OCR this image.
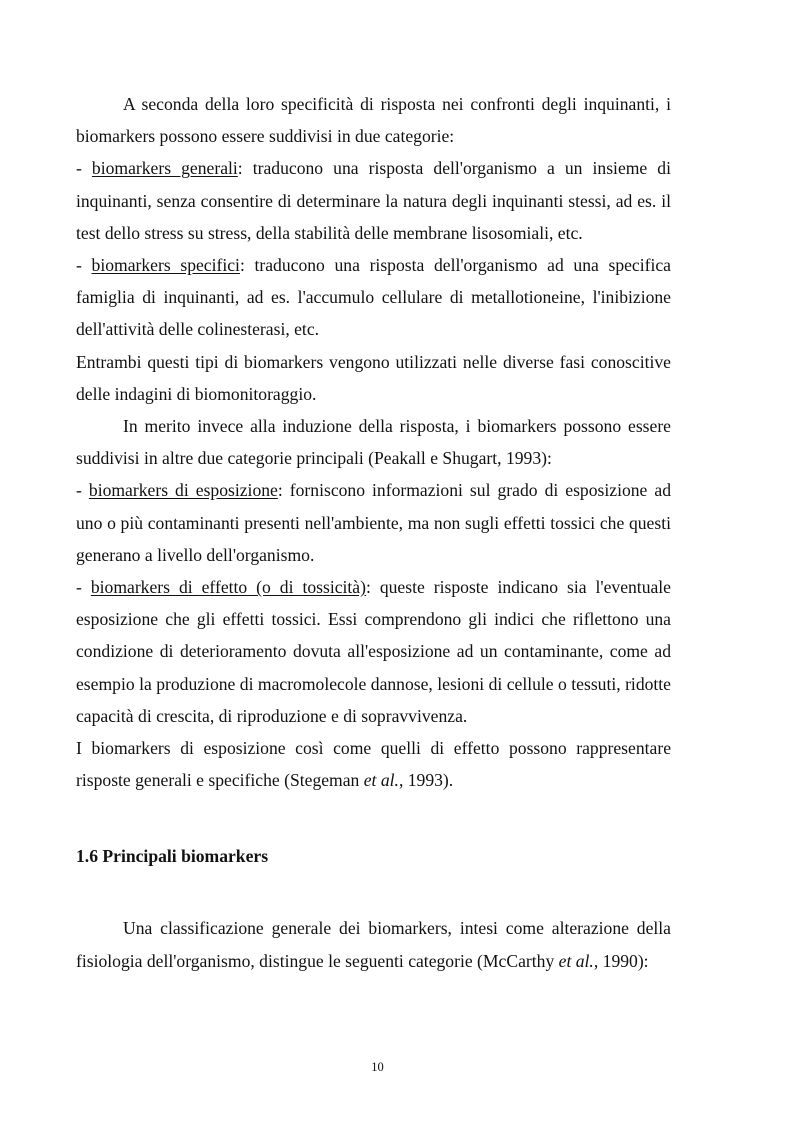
A seconda della loro specificità di risposta nei confronti degli inquinanti, i biomarkers possono essere suddivisi in due categorie:

- biomarkers generali: traducono una risposta dell'organismo a un insieme di inquinanti, senza consentire di determinare la natura degli inquinanti stessi, ad es. il test dello stress su stress, della stabilità delle membrane lisosomiali, etc.

- biomarkers specifici: traducono una risposta dell'organismo ad una specifica famiglia di inquinanti, ad es. l'accumulo cellulare di metallotioneine, l'inibizione dell'attività delle colinesterasi, etc.

Entrambi questi tipi di biomarkers vengono utilizzati nelle diverse fasi conoscitive delle indagini di biomonitoraggio.

In merito invece alla induzione della risposta, i biomarkers possono essere suddivisi in altre due categorie principali (Peakall e Shugart, 1993):

- biomarkers di esposizione: forniscono informazioni sul grado di esposizione ad uno o più contaminanti presenti nell'ambiente, ma non sugli effetti tossici che questi generano a livello dell'organismo.

- biomarkers di effetto (o di tossicità): queste risposte indicano sia l'eventuale esposizione che gli effetti tossici. Essi comprendono gli indici che riflettono una condizione di deterioramento dovuta all'esposizione ad un contaminante, come ad esempio la produzione di macromolecole dannose, lesioni di cellule o tessuti, ridotte capacità di crescita, di riproduzione e di sopravvivenza.

I biomarkers di esposizione così come quelli di effetto possono rappresentare risposte generali e specifiche (Stegeman et al., 1993).

1.6 Principali biomarkers

Una classificazione generale dei biomarkers, intesi come alterazione della fisiologia dell'organismo, distingue le seguenti categorie (McCarthy et al., 1990):

10
